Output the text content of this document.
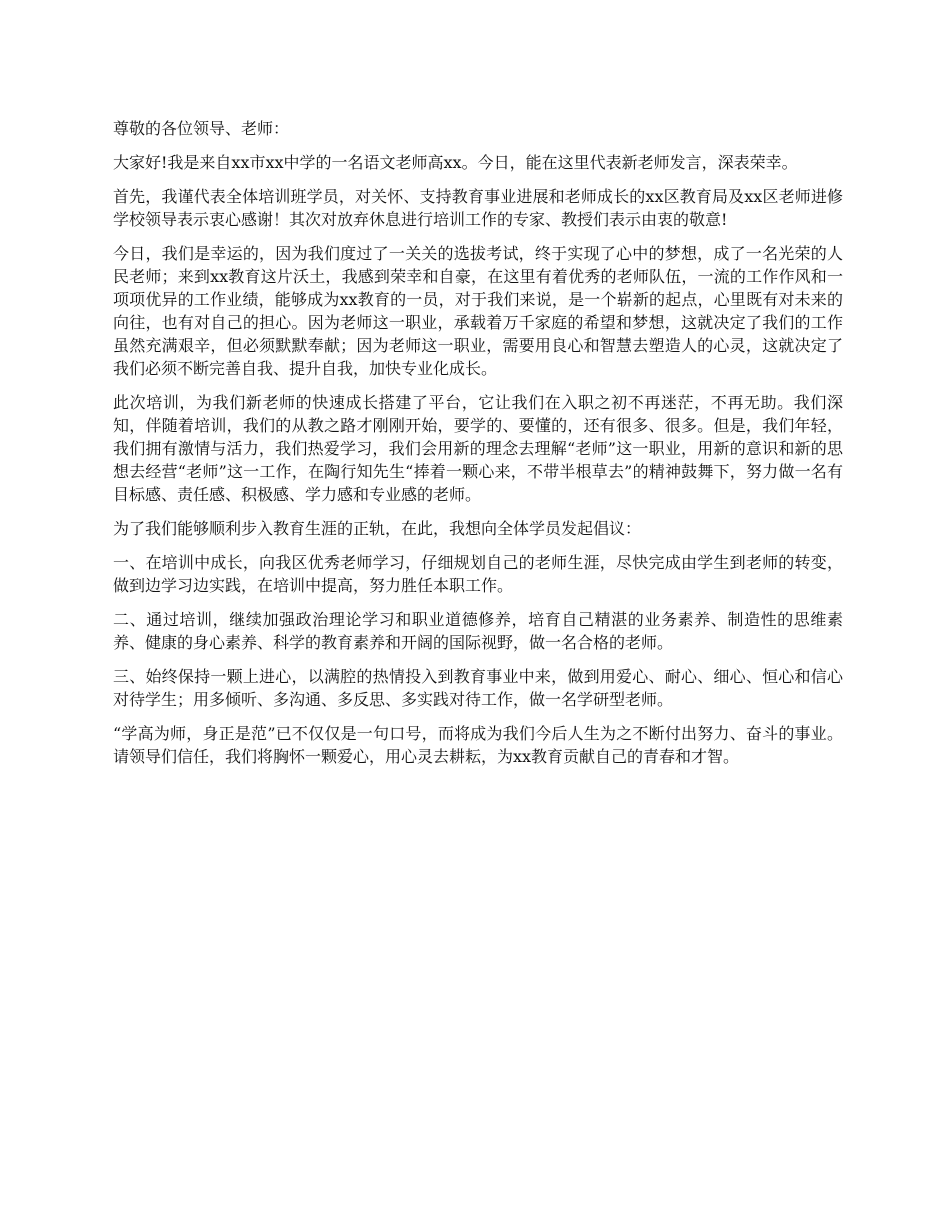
尊敬的各位领导、老师：

大家好!我是来自xx市xx中学的一名语文老师高xx。今日，能在这里代表新老师发言，深表荣幸。

首先，我谨代表全体培训班学员，对关怀、支持教育事业进展和老师成长的xx区教育局及xx区老师进修学校领导表示衷心感谢！其次对放弃休息进行培训工作的专家、教授们表示由衷的敬意!

今日，我们是幸运的，因为我们度过了一关关的选拔考试，终于实现了心中的梦想，成了一名光荣的人民老师；来到xx教育这片沃土，我感到荣幸和自豪，在这里有着优秀的老师队伍，一流的工作作风和一项项优异的工作业绩，能够成为xx教育的一员，对于我们来说，是一个崭新的起点，心里既有对未来的向往，也有对自己的担心。因为老师这一职业，承载着万千家庭的希望和梦想，这就决定了我们的工作虽然充满艰辛，但必须默默奉献；因为老师这一职业，需要用良心和智慧去塑造人的心灵，这就决定了我们必须不断完善自我、提升自我，加快专业化成长。

此次培训，为我们新老师的快速成长搭建了平台，它让我们在入职之初不再迷茫，不再无助。我们深知，伴随着培训，我们的从教之路才刚刚开始，要学的、要懂的，还有很多、很多。但是，我们年轻，我们拥有激情与活力，我们热爱学习，我们会用新的理念去理解“老师”这一职业，用新的意识和新的思想去经营“老师”这一工作，在陶行知先生“捧着一颗心来，不带半根草去”的精神鼓舞下，努力做一名有目标感、责任感、积极感、学力感和专业感的老师。

为了我们能够顺利步入教育生涯的正轨，在此，我想向全体学员发起倡议：

一、在培训中成长，向我区优秀老师学习，仔细规划自己的老师生涯，尽快完成由学生到老师的转变，做到边学习边实践，在培训中提高，努力胜任本职工作。

二、通过培训，继续加强政治理论学习和职业道德修养，培育自己精湛的业务素养、制造性的思维素养、健康的身心素养、科学的教育素养和开阔的国际视野，做一名合格的老师。

三、始终保持一颗上进心，以满腔的热情投入到教育事业中来，做到用爱心、耐心、细心、恒心和信心对待学生；用多倾听、多沟通、多反思、多实践对待工作，做一名学研型老师。

“学高为师，身正是范”已不仅仅是一句口号，而将成为我们今后人生为之不断付出努力、奋斗的事业。请领导们信任，我们将胸怀一颗爱心，用心灵去耕耘，为xx教育贡献自己的青春和才智。
